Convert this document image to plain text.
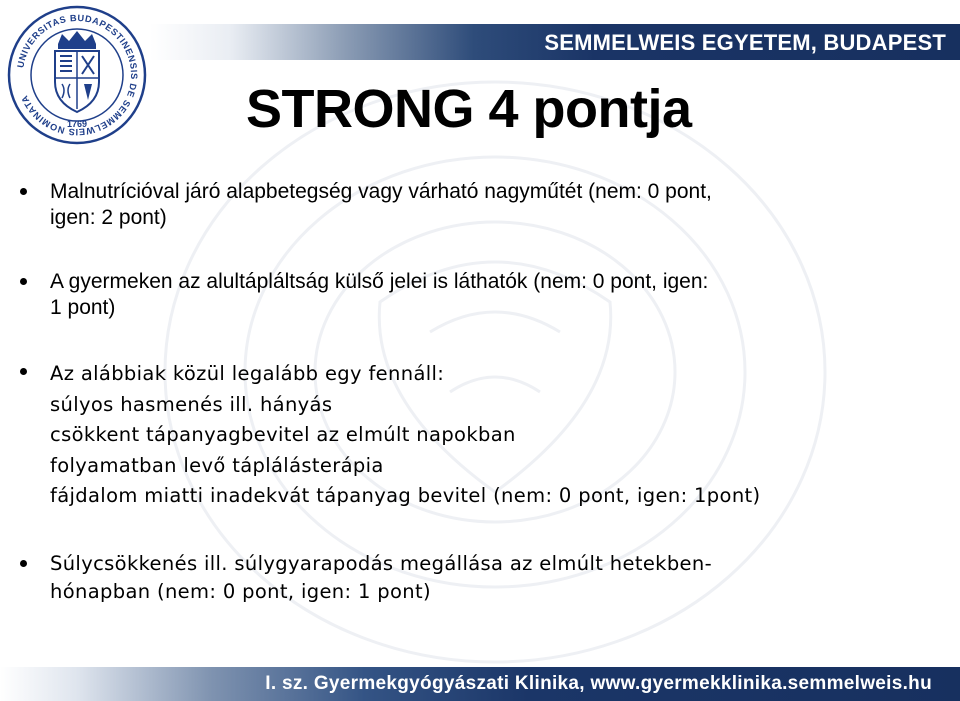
SEMMELWEIS EGYETEM, BUDAPEST
UNIVERSITAS BUDAPESTINENSIS DE SEMMELWEIS NOMINATA
1769	STRONG 4 pontja
Malnutrícióval járó alapbetegség vagy várható nagyműtét (nem: 0 pont,
igen: 2 pont)
A gyermeken az alultápláltság külső jelei is láthatók (nem: 0 pont, igen:
1 pont)
Az alábbiak közül legalább egy fennáll:
súlyos hasmenés ill. hányás
csökkent tápanyagbevitel az elmúlt napokban
folyamatban levő táplálásterápia
fájdalom miatti inadekvát tápanyag bevitel (nem: 0 pont, igen: 1pont)
Súlycsökkenés ill. súlygyarapodás megállása az elmúlt hetekben-
hónapban (nem: 0 pont, igen: 1 pont)
I. sz. Gyermekgyógyászati Klinika, www.gyermekklinika.semmelweis.hu
